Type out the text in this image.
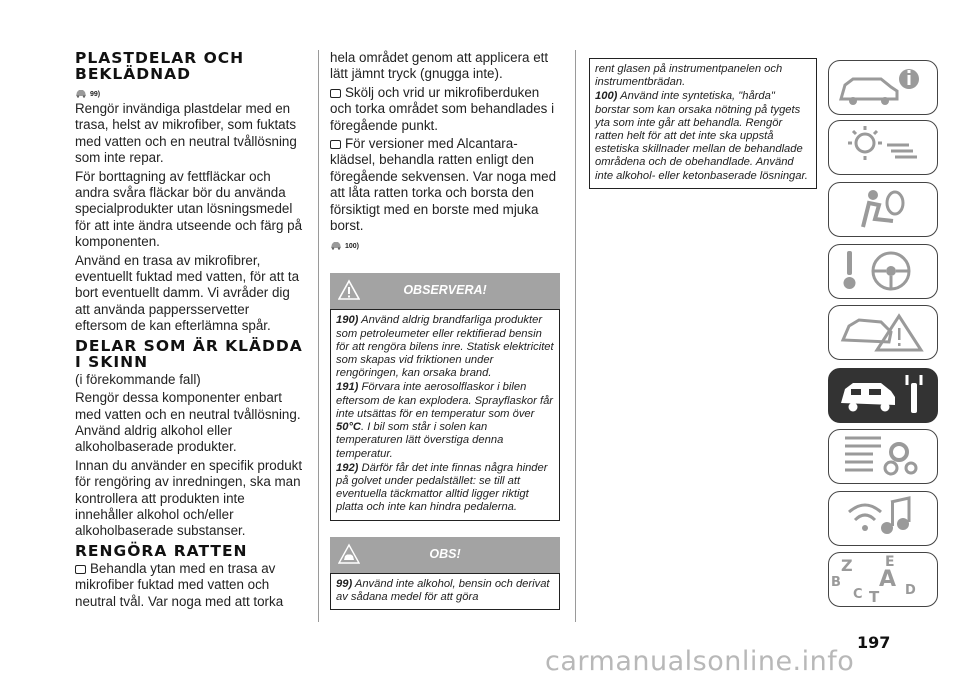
PLASTDELAR OCH
BEKLÄDNAD
99)
Rengör invändiga plastdelar med en trasa, helst av mikrofiber, som fuktats med vatten och en neutral tvållösning som inte repar.
För borttagning av fettfläckar och andra svåra fläckar bör du använda specialprodukter utan lösningsmedel för att inte ändra utseende och färg på komponenten.
Använd en trasa av mikrofibrer, eventuellt fuktad med vatten, för att ta bort eventuellt damm. Vi avråder dig att använda pappersservetter eftersom de kan efterlämna spår.
DELAR SOM ÄR KLÄDDA
I SKINN
(i förekommande fall)
Rengör dessa komponenter enbart med vatten och en neutral tvållösning. Använd aldrig alkohol eller alkoholbaserade produkter.
Innan du använder en specifik produkt för rengöring av inredningen, ska man kontrollera att produkten inte innehåller alkohol och/eller alkoholbaserade substanser.
RENGÖRA RATTEN
Behandla ytan med en trasa av mikrofiber fuktad med vatten och neutral tvål. Var noga med att torka
hela området genom att applicera ett lätt jämnt tryck (gnugga inte).
Skölj och vrid ur mikrofiberduken och torka området som behandlades i föregående punkt.
För versioner med Alcantara-klädsel, behandla ratten enligt den föregående sekvensen. Var noga med att låta ratten torka och borsta den försiktigt med en borste med mjuka borst.
100)
OBSERVERA!
190) Använd aldrig brandfarliga produkter som petroleumeter eller rektifierad bensin för att rengöra bilens inre. Statisk elektricitet som skapas vid friktionen under rengöringen, kan orsaka brand.
191) Förvara inte aerosolflaskor i bilen eftersom de kan explodera. Sprayflaskor får inte utsättas för en temperatur som över 50°C. I bil som står i solen kan temperaturen lätt överstiga denna temperatur.
192) Därför får det inte finnas några hinder på golvet under pedalstället: se till att eventuella täckmattor alltid ligger riktigt platta och inte kan hindra pedalerna.
OBS!
99) Använd inte alkohol, bensin och derivat av sådana medel för att göra
rent glasen på instrumentpanelen och instrumentbrädan.
100) Använd inte syntetiska, "hårda" borstar som kan orsaka nötning på tygets yta som inte går att behandla. Rengör ratten helt för att det inte ska uppstå estetiska skillnader mellan de behandlade områdena och de obehandlade. Använd inte alkohol- eller ketonbaserade lösningar.
Z E
B A
C T D
197
carmanualsonline.info
